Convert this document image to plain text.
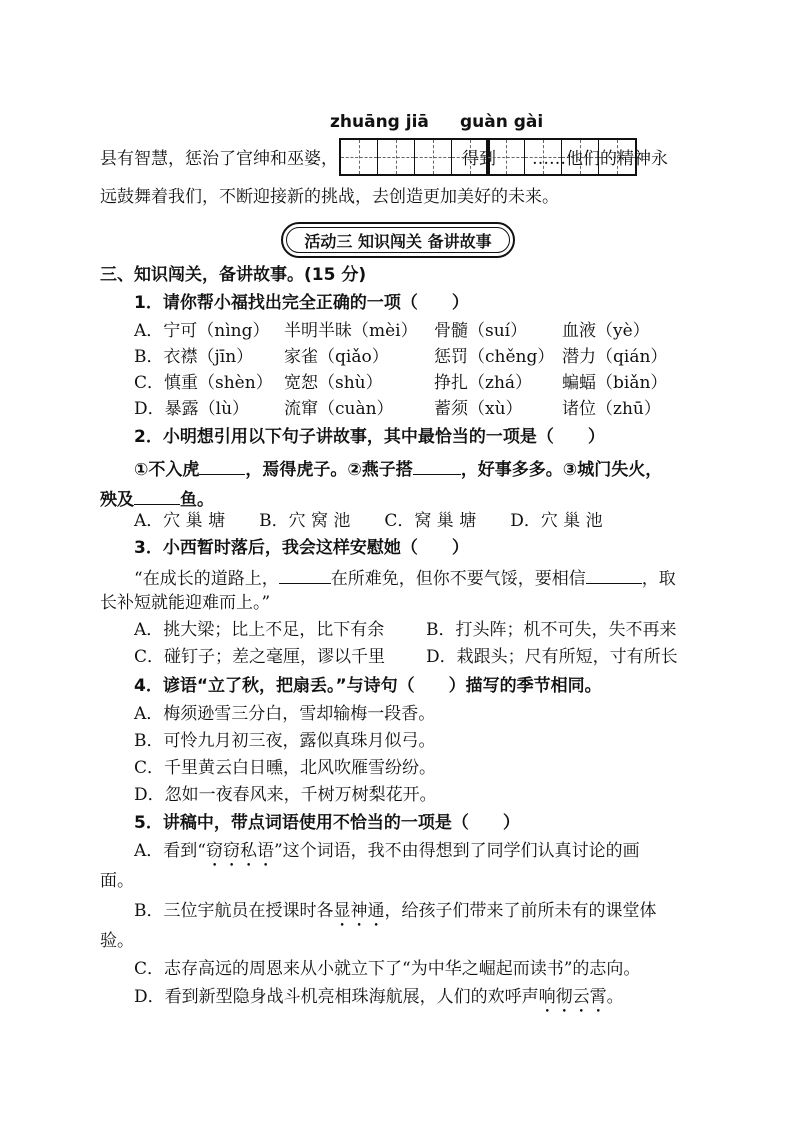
zhuāng jiā guàn gài
县有智慧，惩治了官绅和巫婆，	得到 ……他们的精神永
远鼓舞着我们，不断迎接新的挑战，去创造更加美好的未来。
活动三 知识闯关 备讲故事
三、知识闯关，备讲故事。(15 分)
1．请你帮小福找出完全正确的一项（　　）
A．宁可（nìng） 半明半昧（mèi） 骨髓（suí） 血液（yè）
B．衣襟（jīn） 家雀（qiǎo）	惩罚（chěng） 潜力（qián）
C．慎重（shèn） 宽恕（shù）	挣扎（zhá） 蝙蝠（biǎn）
D．暴露（lù） 流窜（cuàn） 蓄须（xù） 诸位（zhū）
2．小明想引用以下句子讲故事，其中最恰当的一项是（　　）
①不入虎	，焉得虎子。②燕子搭	，好事多多。③城门失火，
殃及	鱼。
A．穴 巢 塘　　B．穴 窝 池　　C．窝 巢 塘　　D．穴 巢 池
3．小西暂时落后，我会这样安慰她（　　）
“在成长的道路上，	在所难免，但你不要气馁，要相信	，取
长补短就能迎难而上。”
A．挑大梁；比上不足，比下有余 B．打头阵；机不可失，失不再来
C．碰钉子；差之毫厘，谬以千里 D．栽跟头；尺有所短，寸有所长
4．谚语“立了秋，把扇丢。”与诗句（　　）描写的季节相同。
A．梅须逊雪三分白，雪却输梅一段香。
B．可怜九月初三夜，露似真珠月似弓。
C．千里黄云白日曛，北风吹雁雪纷纷。
D．忽如一夜春风来，千树万树梨花开。
5．讲稿中，带点词语使用不恰当的一项是（　　）
A．看到“窃窃私语”这个词语，我不由得想到了同学们认真讨论的画
面。
B．三位宇航员在授课时各显神通，给孩子们带来了前所未有的课堂体
验。
C．志存高远的周恩来从小就立下了“为中华之崛起而读书”的志向。
D．看到新型隐身战斗机亮相珠海航展，人们的欢呼声响彻云霄。
